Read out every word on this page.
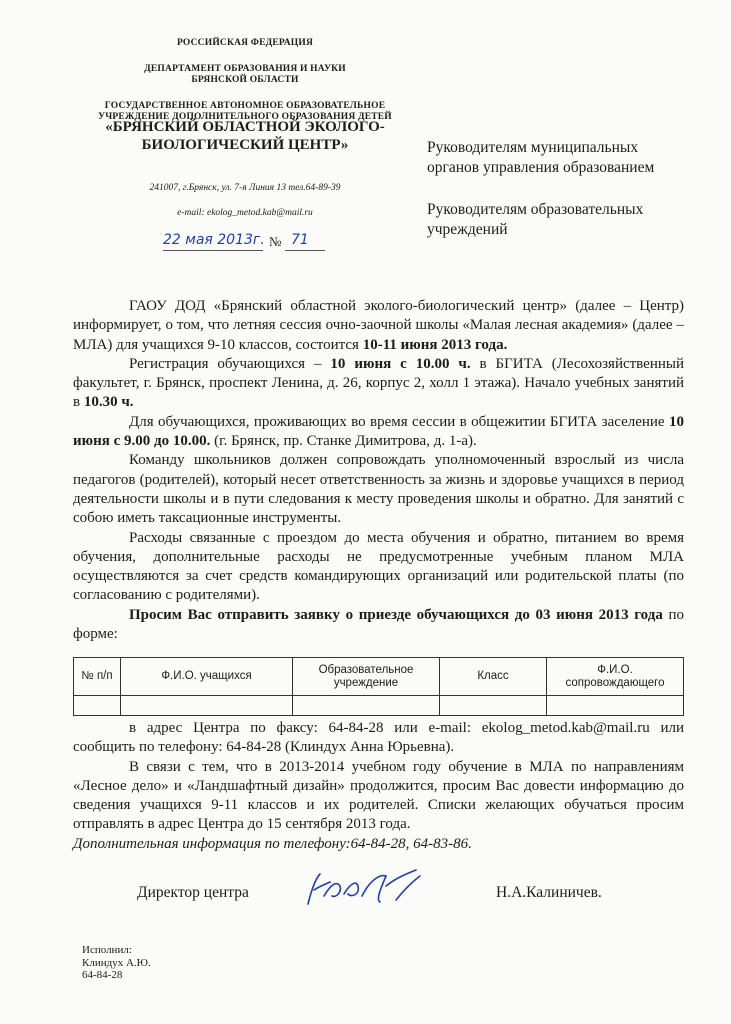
РОССИЙСКАЯ ФЕДЕРАЦИЯ
ДЕПАРТАМЕНТ ОБРАЗОВАНИЯ И НАУКИ
БРЯНСКОЙ ОБЛАСТИ
ГОСУДАРСТВЕННОЕ АВТОНОМНОЕ ОБРАЗОВАТЕЛЬНОЕ
УЧРЕЖДЕНИЕ ДОПОЛНИТЕЛЬНОГО ОБРАЗОВАНИЯ ДЕТЕЙ
«БРЯНСКИЙ ОБЛАСТНОЙ ЭКОЛОГО-
БИОЛОГИЧЕСКИЙ ЦЕНТР»
241007, г.Брянск, ул. 7-я Линия 13 тел.64-89-39
e-mail: ekolog_metod.kab@mail.ru
22 мая 2013г. № 71
Руководителям муниципальных
органов управления образованием
Руководителям образовательных
учреждений

ГАОУ ДОД «Брянский областной эколого-биологический центр» (далее – Центр) информирует, о том, что летняя сессия очно-заочной школы «Малая лесная академия» (далее – МЛА) для учащихся 9-10 классов, состоится 10-11 июня 2013 года.

Регистрация обучающихся – 10 июня с 10.00 ч. в БГИТА (Лесохозяйственный факультет, г. Брянск, проспект Ленина, д. 26, корпус 2, холл 1 этажа). Начало учебных занятий в 10.30 ч.

Для обучающихся, проживающих во время сессии в общежитии БГИТА заселение 10 июня с 9.00 до 10.00. (г. Брянск, пр. Станке Димитрова, д. 1-а).

Команду школьников должен сопровождать уполномоченный взрослый из числа педагогов (родителей), который несет ответственность за жизнь и здоровье учащихся в период деятельности школы и в пути следования к месту проведения школы и обратно. Для занятий с собою иметь таксационные инструменты.

Расходы связанные с проездом до места обучения и обратно, питанием во время обучения, дополнительные расходы не предусмотренные учебным планом МЛА осуществляются за счет средств командирующих организаций или родительской платы (по согласованию с родителями).

Просим Вас отправить заявку о приезде обучающихся до 03 июня 2013 года по форме:

№ п/п	Ф.И.О. учащихся	Образовательное учреждение	Класс	Ф.И.О. сопровождающего

в адрес Центра по факсу: 64-84-28 или e-mail: ekolog_metod.kab@mail.ru или сообщить по телефону: 64-84-28 (Клиндух Анна Юрьевна).

В связи с тем, что в 2013-2014 учебном году обучение в МЛА по направлениям «Лесное дело» и «Ландшафтный дизайн» продолжится, просим Вас довести информацию до сведения учащихся 9-11 классов и их родителей. Списки желающих обучаться просим отправлять в адрес Центра до 15 сентября 2013 года.

Дополнительная информация по телефону:64-84-28, 64-83-86.

Директор центра	Н.А.Калиничев.
Исполнил:
Клиндух А.Ю.
64-84-28
